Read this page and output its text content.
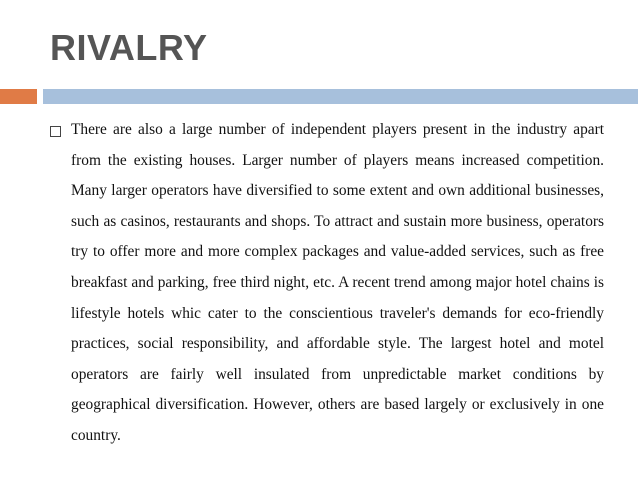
RIVALRY

There are also a large number of independent players present in the industry apart from the existing houses. Larger number of players means increased competition. Many larger operators have diversified to some extent and own additional businesses, such as casinos, restaurants and shops. To attract and sustain more business, operators try to offer more and more complex packages and value‑added services, such as free breakfast and parking, free third night, etc. A recent trend among major hotel chains is lifestyle hotels whic cater to the conscientious traveler's demands for eco‑friendly practices, social responsibility, and affordable style. The largest hotel and motel operators are fairly well insulated from unpredictable market conditions by geographical diversification. However, others are based largely or exclusively in one country.
